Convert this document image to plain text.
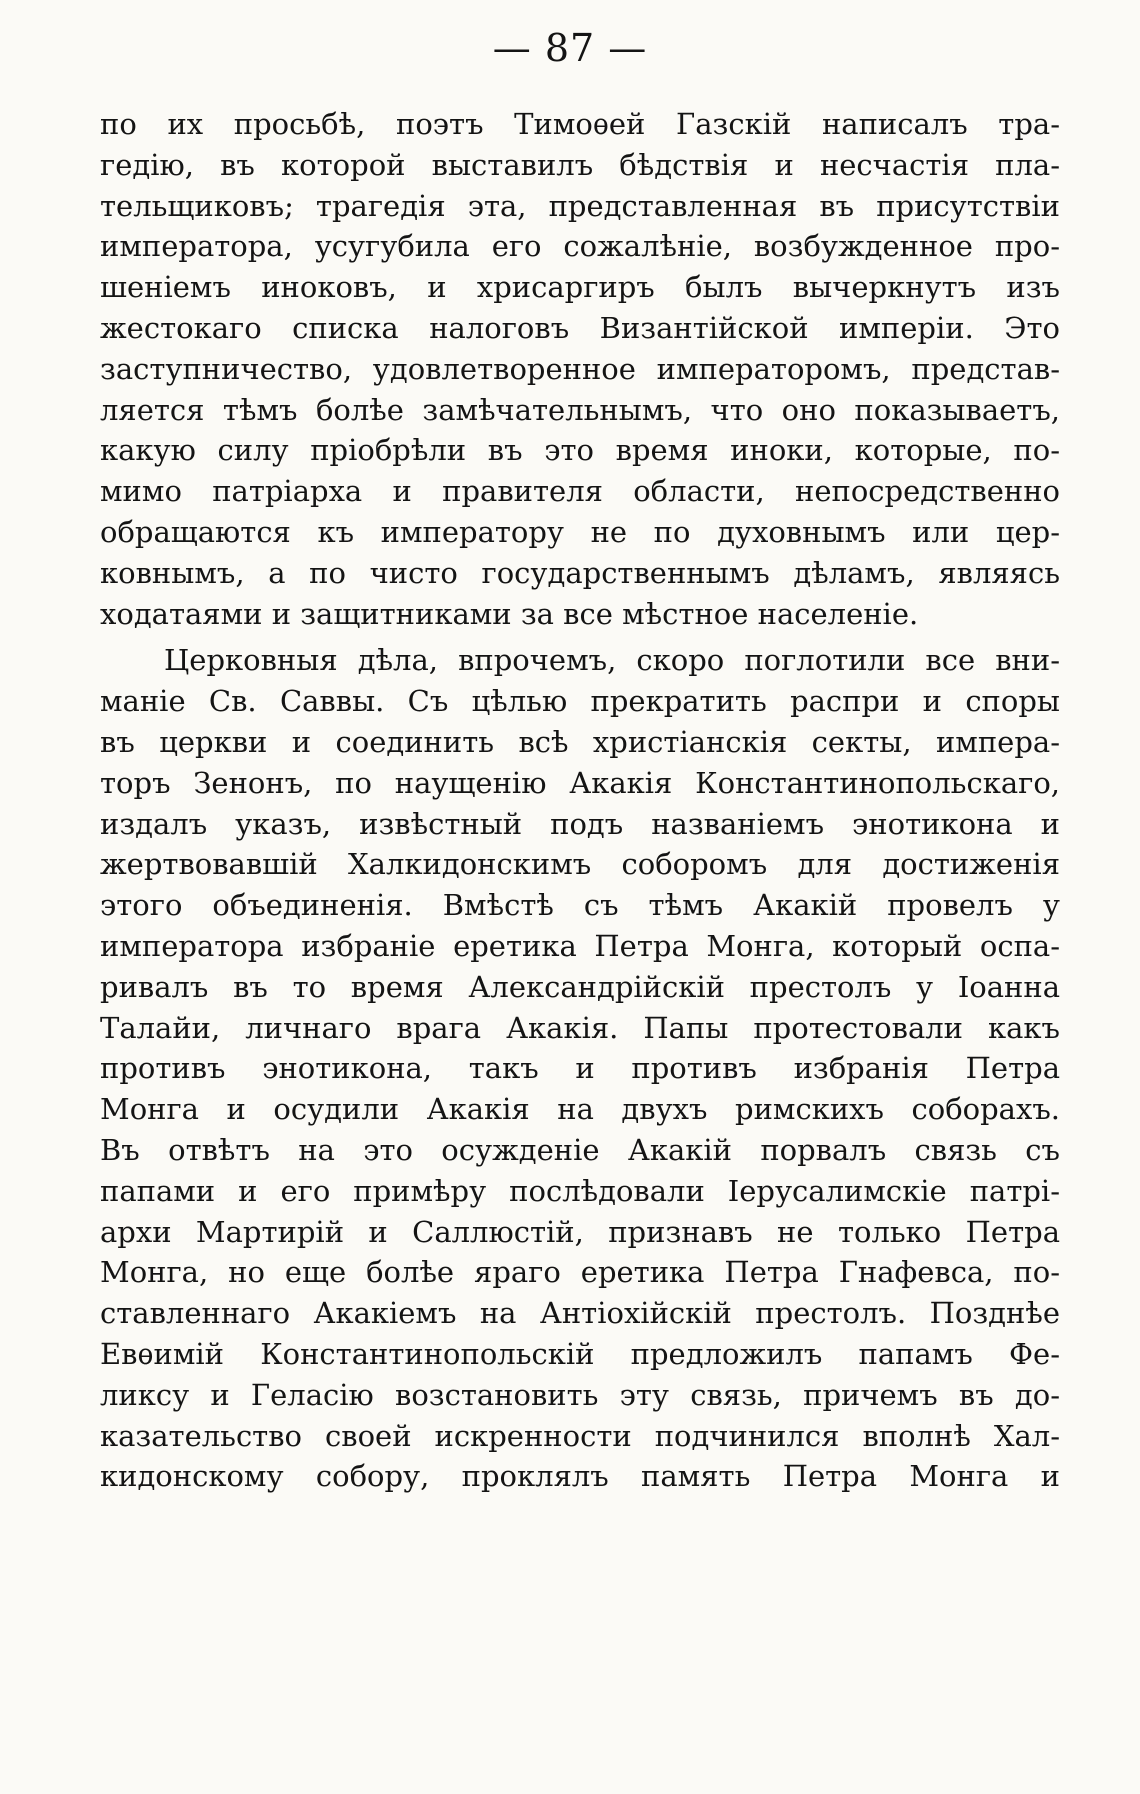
— 87 —
по их просьбѣ, поэтъ Тимоѳей Газскій написалъ тра-
гедію, въ которой выставилъ бѣдствія и несчастія пла-
тельщиковъ; трагедія эта, представленная въ присутствіи
императора, усугубила его сожалѣніе, возбужденное про-
шеніемъ иноковъ, и хрисаргиръ былъ вычеркнутъ изъ
жестокаго списка налоговъ Византійской имперіи. Это
заступничество, удовлетворенное императоромъ, представ-
ляется тѣмъ болѣе замѣчательнымъ, что оно показываетъ,
какую силу пріобрѣли въ это время иноки, которые, по-
мимо патріарха и правителя области, непосредственно
обращаются къ императору не по духовнымъ или цер-
ковнымъ, а по чисто государственнымъ дѣламъ, являясь
ходатаями и защитниками за все мѣстное населеніе.
Церковныя дѣла, впрочемъ, скоро поглотили все вни-
маніе Св. Саввы. Съ цѣлью прекратить распри и споры
въ церкви и соединить всѣ христіанскія секты, импера-
торъ Зенонъ, по наущенію Акакія Константинопольскаго,
издалъ указъ, извѣстный подъ названіемъ энотикона и
жертвовавшій Халкидонскимъ соборомъ для достиженія
этого объединенія. Вмѣстѣ съ тѣмъ Акакій провелъ у
императора избраніе еретика Петра Монга, который оспа-
ривалъ въ то время Александрійскій престолъ у Іоанна
Талайи, личнаго врага Акакія. Папы протестовали какъ
противъ энотикона, такъ и противъ избранія Петра
Монга и осудили Акакія на двухъ римскихъ соборахъ.
Въ отвѣтъ на это осужденіе Акакій порвалъ связь съ
папами и его примѣру послѣдовали Іерусалимскіе патрі-
архи Мартирій и Саллюстій, признавъ не только Петра
Монга, но еще болѣе яраго еретика Петра Гнафевса, по-
ставленнаго Акакіемъ на Антіохійскій престолъ. Позднѣе
Евѳимій Константинопольскій предложилъ папамъ Фе-
ликсу и Геласію возстановить эту связь, причемъ въ до-
казательство своей искренности подчинился вполнѣ Хал-
кидонскому собору, проклялъ память Петра Монга и
